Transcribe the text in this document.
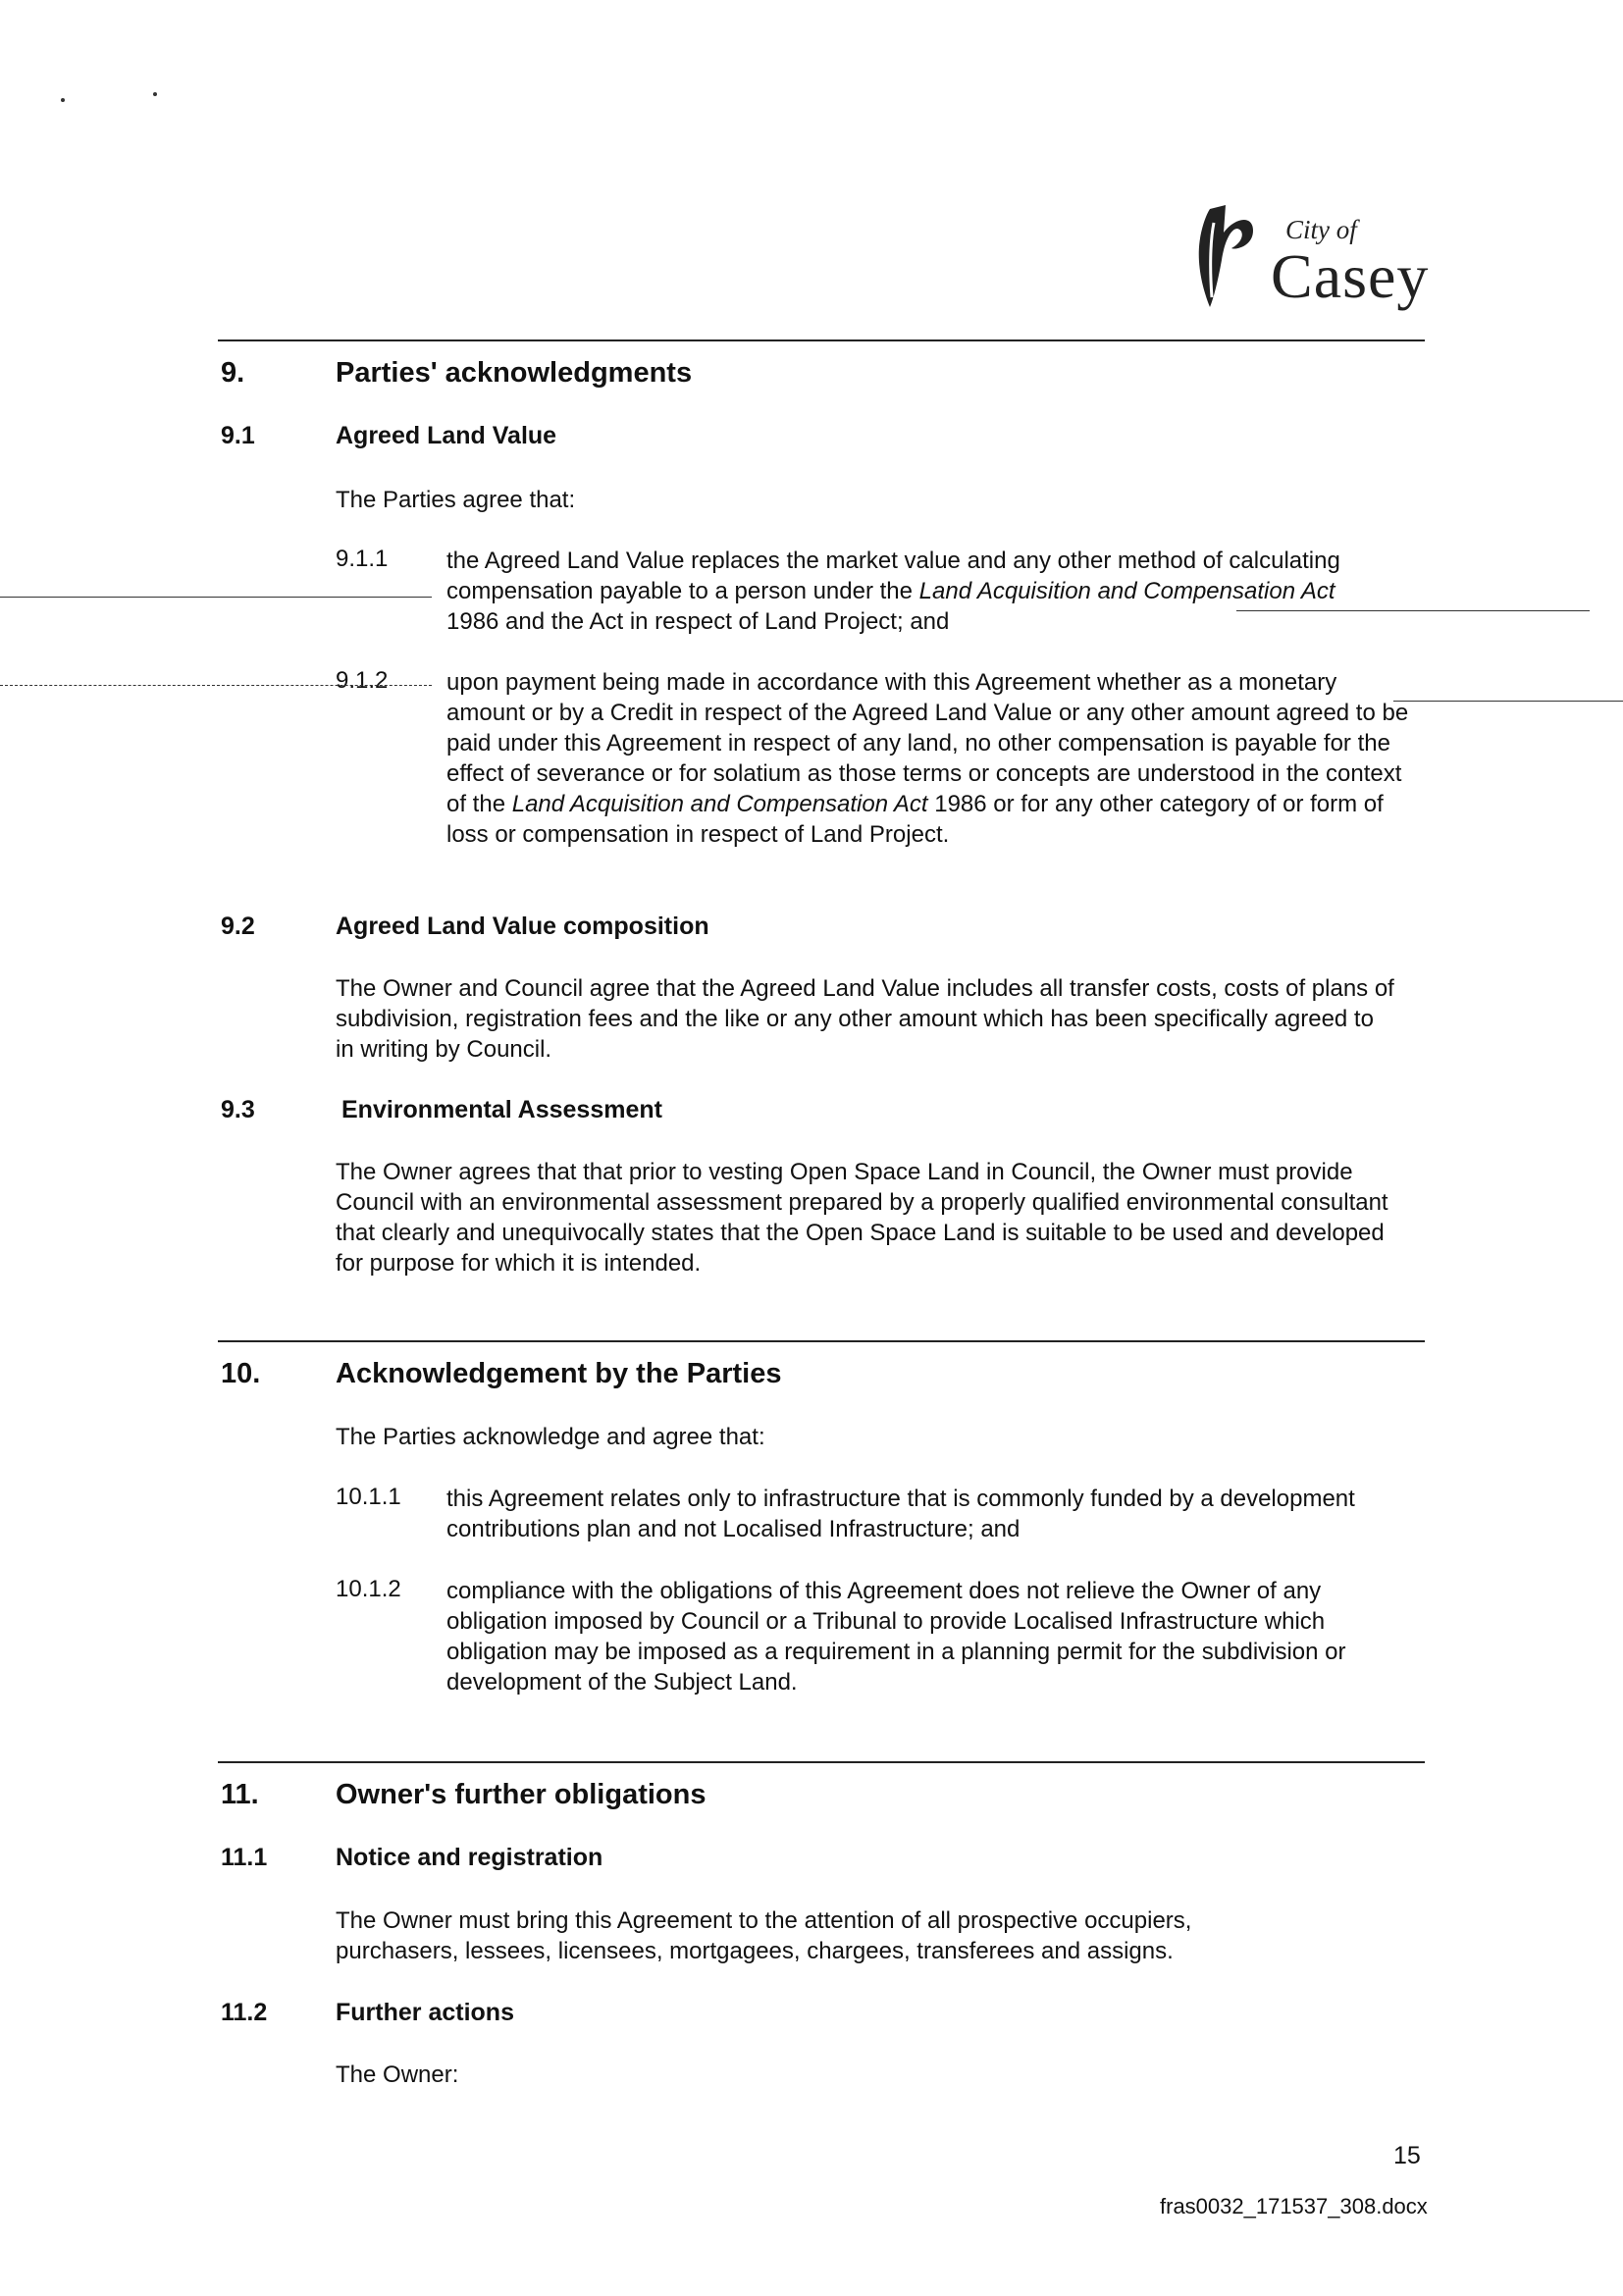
City of
Casey
9.	Parties' acknowledgments
9.1	Agreed Land Value
The Parties agree that:
9.1.1 the Agreed Land Value replaces the market value and any other method of calculating compensation payable to a person under the Land Acquisition and Compensation Act 1986 and the Act in respect of Land Project; and
9.1.2 upon payment being made in accordance with this Agreement whether as a monetary amount or by a Credit in respect of the Agreed Land Value or any other amount agreed to be paid under this Agreement in respect of any land, no other compensation is payable for the effect of severance or for solatium as those terms or concepts are understood in the context of the Land Acquisition and Compensation Act 1986 or for any other category of or form of loss or compensation in respect of Land Project.
9.2	Agreed Land Value composition
The Owner and Council agree that the Agreed Land Value includes all transfer costs, costs of plans of subdivision, registration fees and the like or any other amount which has been specifically agreed to in writing by Council.
9.3	Environmental Assessment
The Owner agrees that that prior to vesting Open Space Land in Council, the Owner must provide Council with an environmental assessment prepared by a properly qualified environmental consultant that clearly and unequivocally states that the Open Space Land is suitable to be used and developed for purpose for which it is intended.
10.	Acknowledgement by the Parties
The Parties acknowledge and agree that:
10.1.1 this Agreement relates only to infrastructure that is commonly funded by a development contributions plan and not Localised Infrastructure; and
10.1.2 compliance with the obligations of this Agreement does not relieve the Owner of any obligation imposed by Council or a Tribunal to provide Localised Infrastructure which obligation may be imposed as a requirement in a planning permit for the subdivision or development of the Subject Land.
11.	Owner's further obligations
11.1	Notice and registration
The Owner must bring this Agreement to the attention of all prospective occupiers, purchasers, lessees, licensees, mortgagees, chargees, transferees and assigns.
11.2	Further actions
The Owner:
15
fras0032_171537_308.docx
